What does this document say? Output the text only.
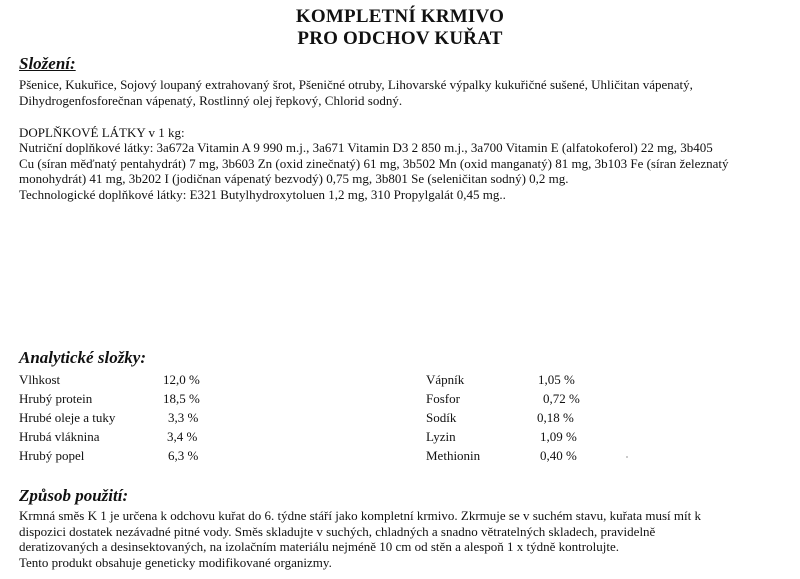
KOMPLETNÍ KRMIVO
PRO ODCHOV KUŘAT
Složení:
Pšenice, Kukuřice, Sojový loupaný extrahovaný šrot, Pšeničné otruby, Lihovarské výpalky kukuřičné sušené, Uhličitan vápenatý,
Dihydrogenfosforečnan vápenatý, Rostlinný olej řepkový, Chlorid sodný.
DOPLŇKOVÉ LÁTKY v 1 kg:
Nutriční doplňkové látky: 3a672a Vitamin A 9 990 m.j., 3a671 Vitamin D3 2 850 m.j., 3a700 Vitamin E (alfatokoferol) 22 mg, 3b405
Cu (síran měďnatý pentahydrát) 7 mg, 3b603 Zn (oxid zinečnatý) 61 mg, 3b502 Mn (oxid manganatý) 81 mg, 3b103 Fe (síran železnatý
monohydrát) 41 mg, 3b202 I (jodičnan vápenatý bezvodý) 0,75 mg, 3b801 Se (seleničitan sodný) 0,2 mg.
Technologické doplňkové látky: E321 Butylhydroxytoluen 1,2 mg, 310 Propylgalát 0,45 mg..
Analytické složky:
Vlhkost	12,0 %
Hrubý protein	18,5 %
Hrubé oleje a tuky	3,3 %
Hrubá vláknina	3,4 %
Hrubý popel	6,3 %
Vápník	1,05 %
Fosfor	0,72 %
Sodík	0,18 %
Lyzin	1,09 %
Methionin	0,40 %
Způsob použití:
Krmná směs K 1 je určena k odchovu kuřat do 6. týdne stáří jako kompletní krmivo. Zkrmuje se v suchém stavu, kuřata musí mít k
dispozici dostatek nezávadné pitné vody. Směs skladujte v suchých, chladných a snadno větratelných skladech, pravidelně
deratizovaných a desinsektovaných, na izolačním materiálu nejméně 10 cm od stěn a alespoň 1 x týdně kontrolujte.
Tento produkt obsahuje geneticky modifikované organizmy.
